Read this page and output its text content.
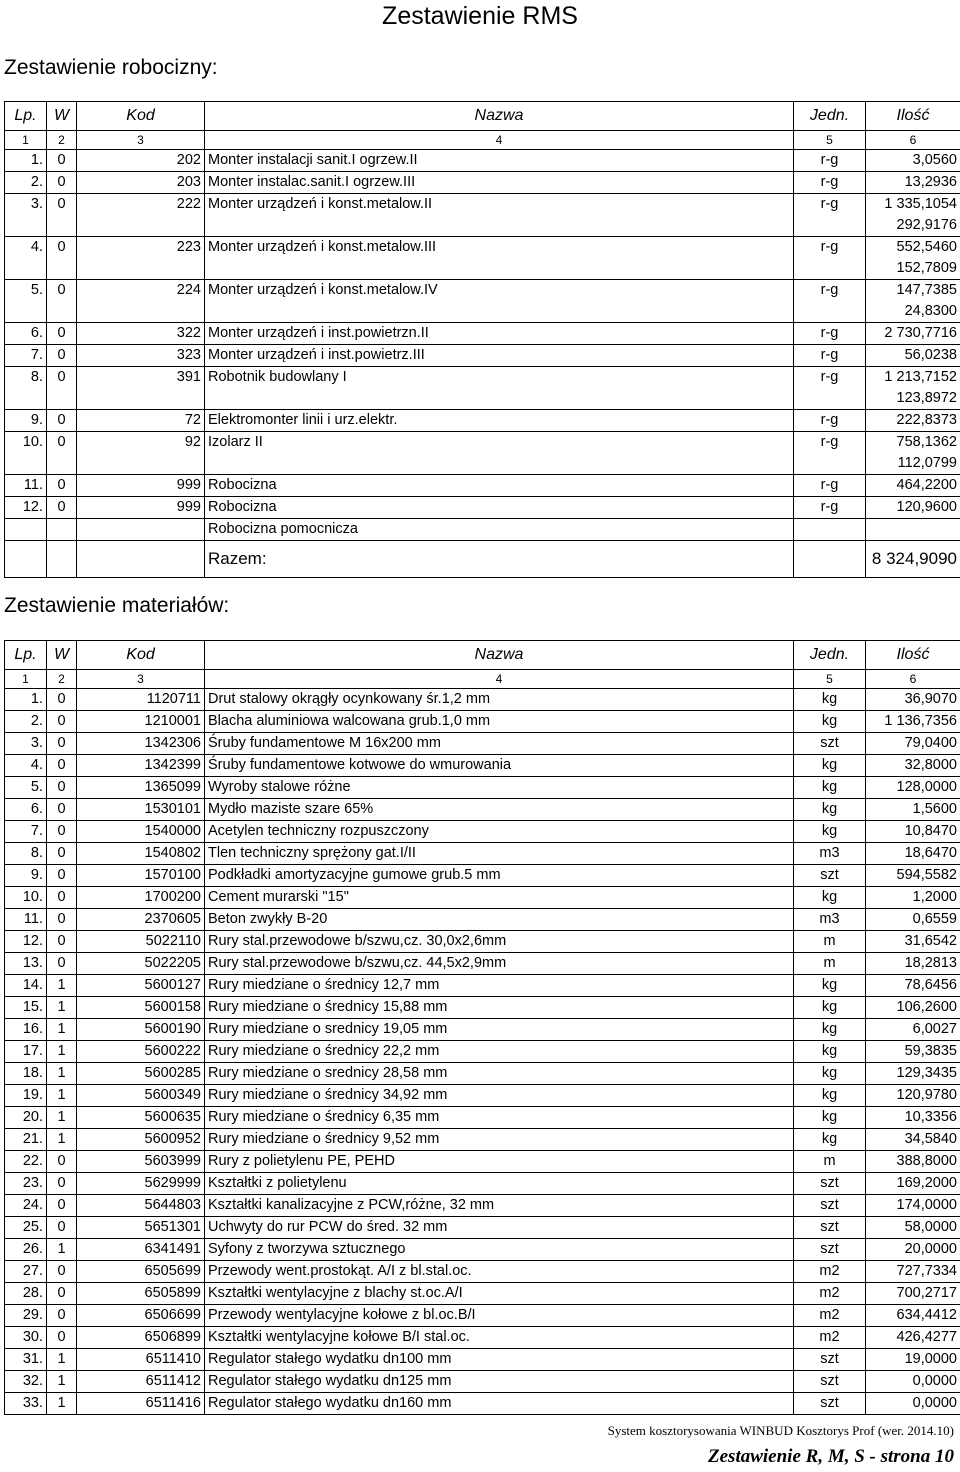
Zestawienie RMS
Zestawienie robocizny:
Lp.	W	Kod	Nazwa	Jedn.	Ilość
1	2	3	4	5	6
1.	0	202	Monter instalacji sanit.I ogrzew.II	r-g	3,0560
2.	0	203	Monter instalac.sanit.I ogrzew.III	r-g	13,2936
3.	0	222	Monter urządzeń i konst.metalow.II	r-g	1 335,1054
					292,9176
4.	0	223	Monter urządzeń i konst.metalow.III	r-g	552,5460
					152,7809
5.	0	224	Monter urządzeń i konst.metalow.IV	r-g	147,7385
					24,8300
6.	0	322	Monter urządzeń i inst.powietrzn.II	r-g	2 730,7716
7.	0	323	Monter urządzeń i inst.powietrz.III	r-g	56,0238
8.	0	391	Robotnik budowlany I	r-g	1 213,7152
					123,8972
9.	0	72	Elektromonter linii i urz.elektr.	r-g	222,8373
10.	0	92	Izolarz II	r-g	758,1362
					112,0799
11.	0	999	Robocizna	r-g	464,2200
12.	0	999	Robocizna	r-g	120,9600
			Robocizna pomocnicza		
			Razem:		8 324,9090
Zestawienie materiałów:
Lp.	W	Kod	Nazwa	Jedn.	Ilość
1	2	3	4	5	6
1.	0	1120711	Drut stalowy okrągły ocynkowany śr.1,2 mm	kg	36,9070
2.	0	1210001	Blacha aluminiowa walcowana grub.1,0 mm	kg	1 136,7356
3.	0	1342306	Śruby fundamentowe M 16x200 mm	szt	79,0400
4.	0	1342399	Śruby fundamentowe kotwowe do wmurowania	kg	32,8000
5.	0	1365099	Wyroby stalowe różne	kg	128,0000
6.	0	1530101	Mydło maziste szare 65%	kg	1,5600
7.	0	1540000	Acetylen techniczny rozpuszczony	kg	10,8470
8.	0	1540802	Tlen techniczny sprężony gat.I/II	m3	18,6470
9.	0	1570100	Podkładki amortyzacyjne gumowe grub.5 mm	szt	594,5582
10.	0	1700200	Cement murarski "15"	kg	1,2000
11.	0	2370605	Beton zwykły B-20	m3	0,6559
12.	0	5022110	Rury stal.przewodowe b/szwu,cz. 30,0x2,6mm	m	31,6542
13.	0	5022205	Rury stal.przewodowe b/szwu,cz. 44,5x2,9mm	m	18,2813
14.	1	5600127	Rury miedziane o średnicy 12,7 mm	kg	78,6456
15.	1	5600158	Rury miedziane o średnicy 15,88 mm	kg	106,2600
16.	1	5600190	Rury miedziane o srednicy 19,05 mm	kg	6,0027
17.	1	5600222	Rury miedziane o średnicy 22,2 mm	kg	59,3835
18.	1	5600285	Rury miedziane o srednicy 28,58 mm	kg	129,3435
19.	1	5600349	Rury miedziane o średnicy 34,92 mm	kg	120,9780
20.	1	5600635	Rury miedziane o średnicy 6,35 mm	kg	10,3356
21.	1	5600952	Rury miedziane o średnicy 9,52 mm	kg	34,5840
22.	0	5603999	Rury z polietylenu PE, PEHD	m	388,8000
23.	0	5629999	Kształtki z polietylenu	szt	169,2000
24.	0	5644803	Kształtki kanalizacyjne z PCW,różne, 32 mm	szt	174,0000
25.	0	5651301	Uchwyty do rur PCW do śred. 32 mm	szt	58,0000
26.	1	6341491	Syfony z tworzywa sztucznego	szt	20,0000
27.	0	6505699	Przewody went.prostokąt. A/I z bl.stal.oc.	m2	727,7334
28.	0	6505899	Kształtki wentylacyjne z blachy st.oc.A/I	m2	700,2717
29.	0	6506699	Przewody wentylacyjne kołowe z bl.oc.B/I	m2	634,4412
30.	0	6506899	Kształtki wentylacyjne kołowe B/I stal.oc.	m2	426,4277
31.	1	6511410	Regulator stałego wydatku dn100 mm	szt	19,0000
32.	1	6511412	Regulator stałego wydatku dn125 mm	szt	0,0000
33.	1	6511416	Regulator stałego wydatku dn160 mm	szt	0,0000
System kosztorysowania WINBUD Kosztorys Prof (wer. 2014.10)
Zestawienie R, M, S - strona 10
